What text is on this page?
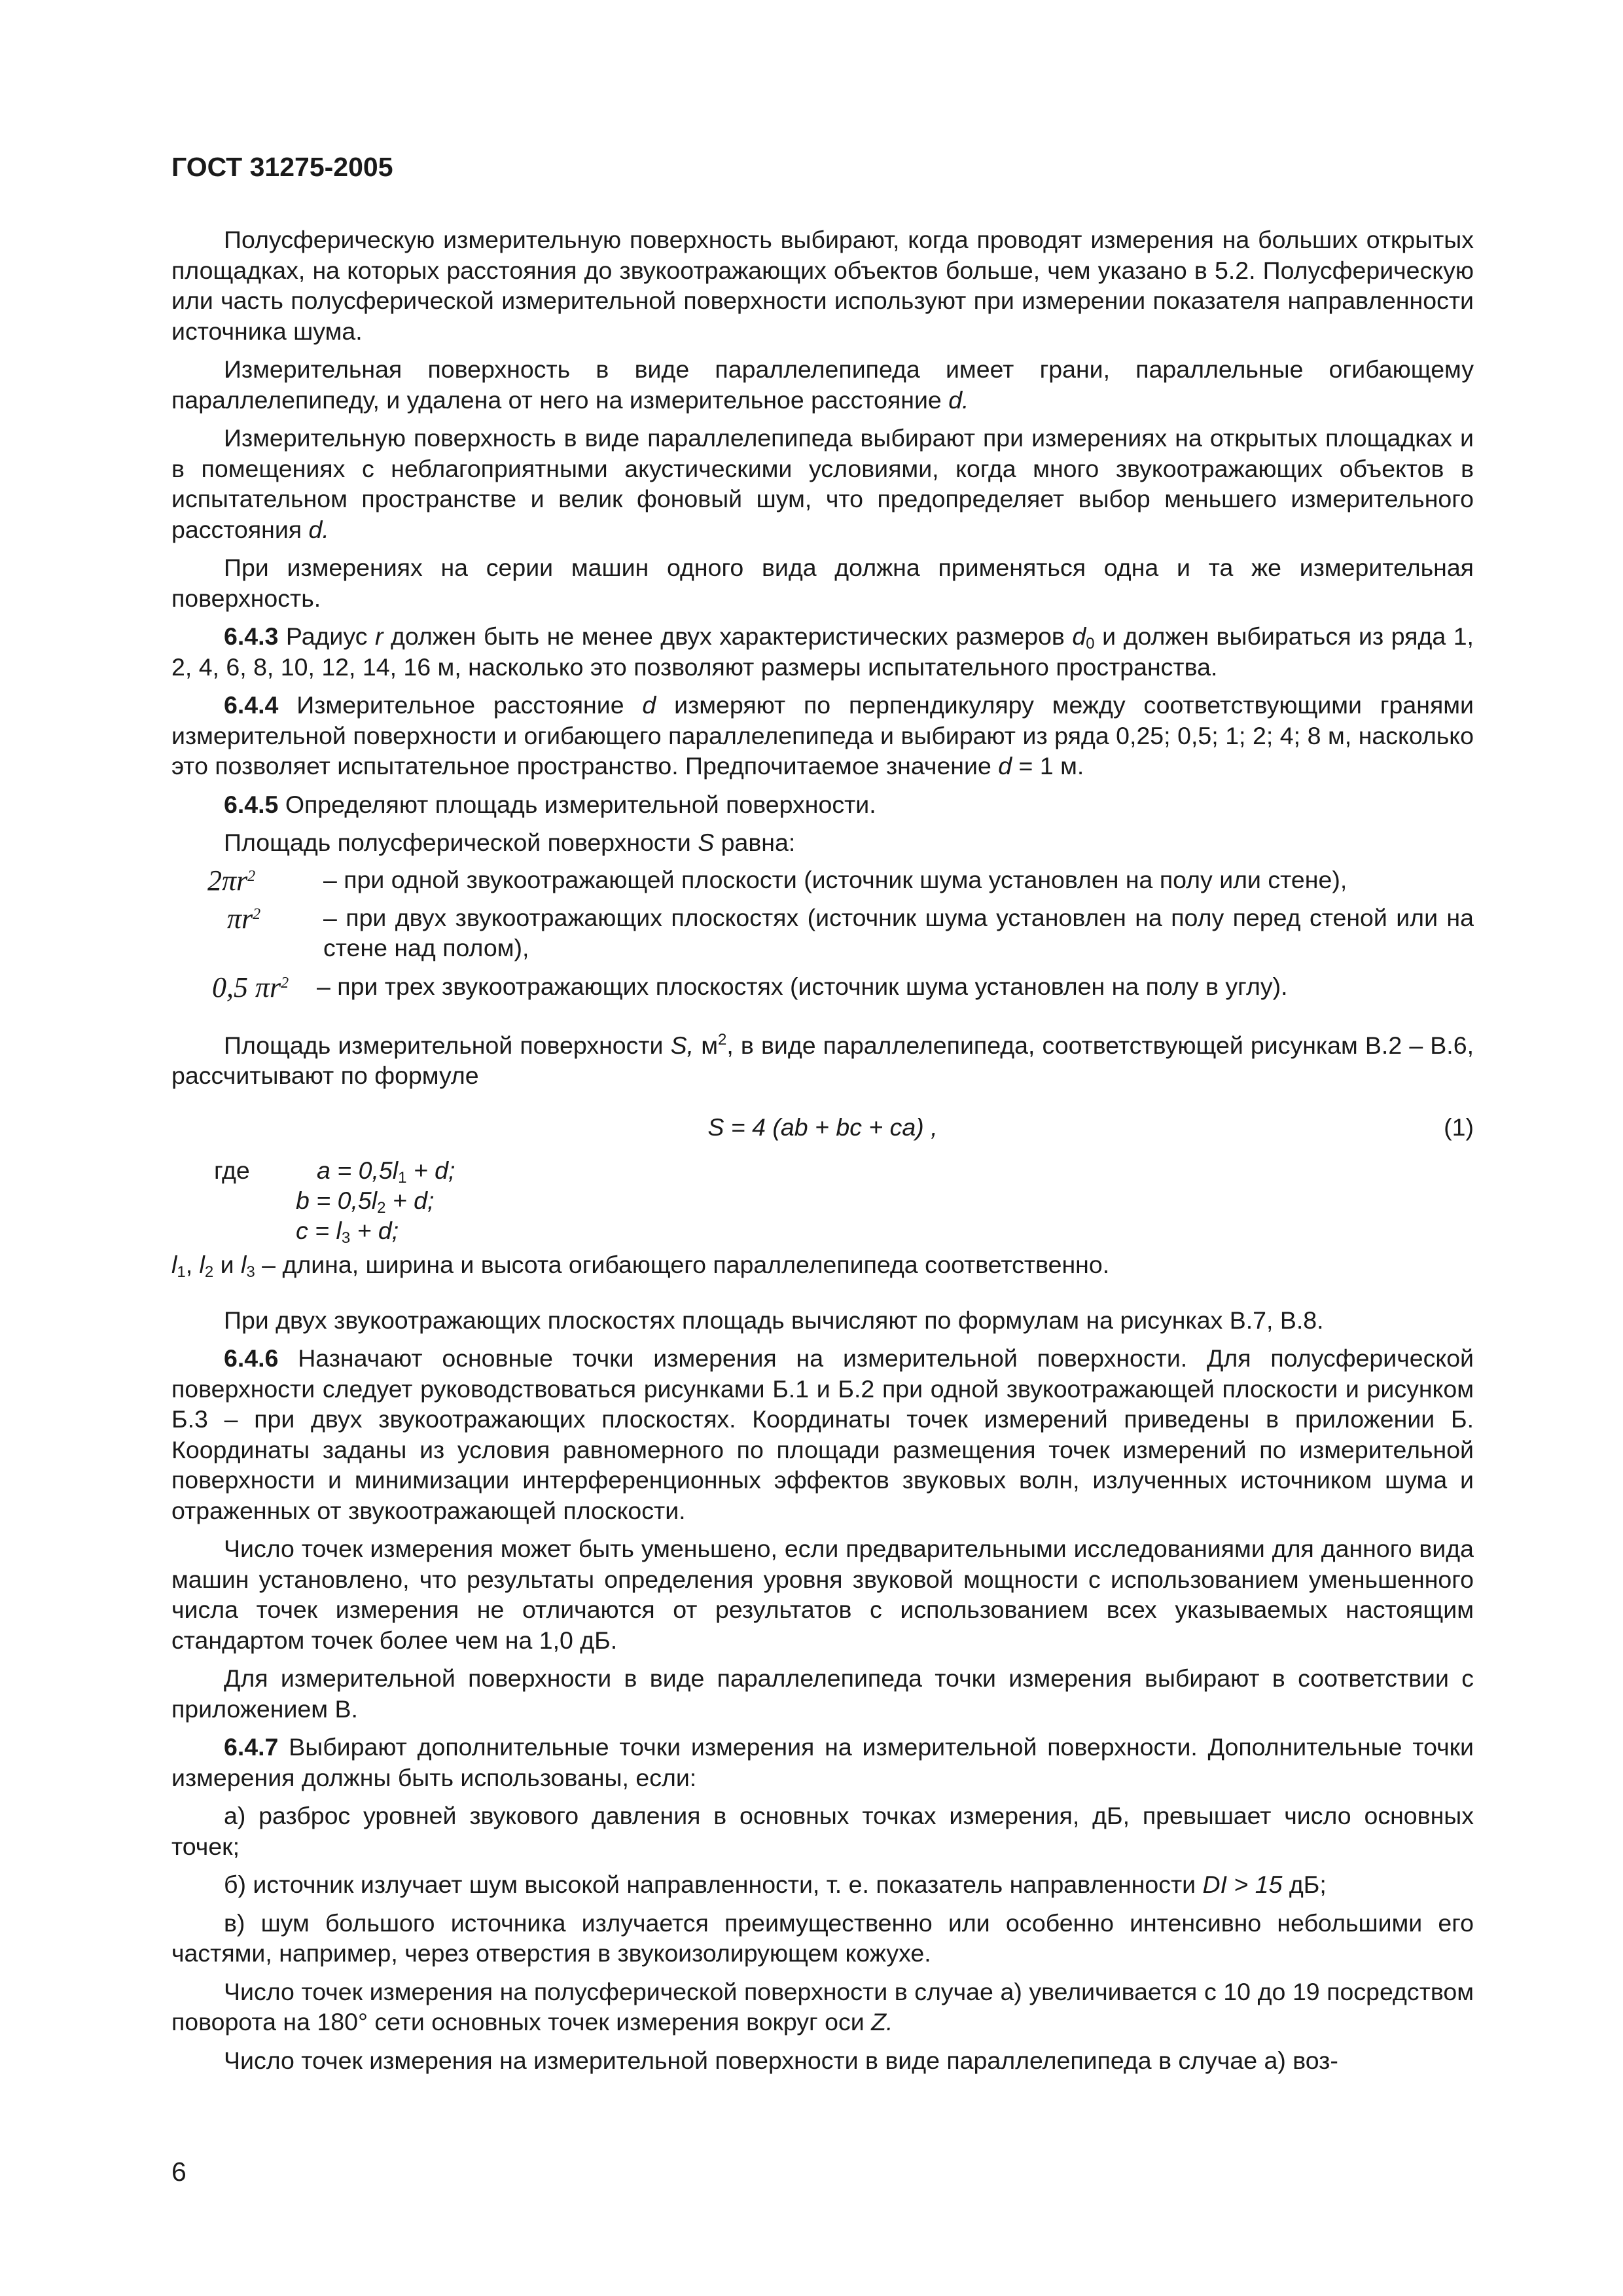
ГОСТ 31275-2005

Полусферическую измерительную поверхность выбирают, когда проводят измерения на больших открытых площадках, на которых расстояния до звукоотражающих объектов больше, чем указано в 5.2. Полусферическую или часть полусферической измерительной поверхности используют при измерении показателя направленности источника шума.

Измерительная поверхность в виде параллелепипеда имеет грани, параллельные огибающему параллелепипеду, и удалена от него на измерительное расстояние d.

Измерительную поверхность в виде параллелепипеда выбирают при измерениях на открытых площадках и в помещениях с неблагоприятными акустическими условиями, когда много звукоотражающих объектов в испытательном пространстве и велик фоновый шум, что предопределяет выбор меньшего измерительного расстояния d.

При измерениях на серии машин одного вида должна применяться одна и та же измерительная поверхность.

6.4.3 Радиус r должен быть не менее двух характеристических размеров $d_0$ и должен выбираться из ряда 1, 2, 4, 6, 8, 10, 12, 14, 16 м, насколько это позволяют размеры испытательного пространства.

6.4.4 Измерительное расстояние d измеряют по перпендикуляру между соответствующими гранями измерительной поверхности и огибающего параллелепипеда и выбирают из ряда 0,25; 0,5; 1; 2; 4; 8 м, насколько это позволяет испытательное пространство. Предпочитаемое значение d = 1 м.

6.4.5 Определяют площадь измерительной поверхности.

Площадь полусферической поверхности S равна:

$2\pi r^2$	– при одной звукоотражающей плоскости (источник шума установлен на полу или стене),
$\pi r^2$	– при двух звукоотражающих плоскостях (источник шума установлен на полу перед стеной или на стене над полом),
0,5 $\pi r^2$	– при трех звукоотражающих плоскостях (источник шума установлен на полу в углу).

Площадь измерительной поверхности S, $м^2$, в виде параллелепипеда, соответствующей рисункам В.2 – В.6, рассчитывают по формуле

S = 4 (ab + bc + ca) ,	(1)
где	$a = 0,5l_1 + d$;
$b = 0,5l_2 + d$;
$c = l_3 + d$;

$l_1$, $l_2$ и $l_3$ – длина, ширина и высота огибающего параллелепипеда соответственно.

При двух звукоотражающих плоскостях площадь вычисляют по формулам на рисунках В.7, В.8.

6.4.6 Назначают основные точки измерения на измерительной поверхности. Для полусферической поверхности следует руководствоваться рисунками Б.1 и Б.2 при одной звукоотражающей плоскости и рисунком Б.3 – при двух звукоотражающих плоскостях. Координаты точек измерений приведены в приложении Б. Координаты заданы из условия равномерного по площади размещения точек измерений по измерительной поверхности и минимизации интерференционных эффектов звуковых волн, излученных источником шума и отраженных от звукоотражающей плоскости.

Число точек измерения может быть уменьшено, если предварительными исследованиями для данного вида машин установлено, что результаты определения уровня звуковой мощности с использованием уменьшенного числа точек измерения не отличаются от результатов с использованием всех указываемых настоящим стандартом точек более чем на 1,0 дБ.

Для измерительной поверхности в виде параллелепипеда точки измерения выбирают в соответствии с приложением В.

6.4.7 Выбирают дополнительные точки измерения на измерительной поверхности. Дополнительные точки измерения должны быть использованы, если:

а) разброс уровней звукового давления в основных точках измерения, дБ, превышает число основных точек;

б) источник излучает шум высокой направленности, т. е. показатель направленности DI > 15 дБ;

в) шум большого источника излучается преимущественно или особенно интенсивно небольшими его частями, например, через отверстия в звукоизолирующем кожухе.

Число точек измерения на полусферической поверхности в случае а) увеличивается с 10 до 19 посредством поворота на 180° сети основных точек измерения вокруг оси Z.

Число точек измерения на измерительной поверхности в виде параллелепипеда в случае а) воз-

6
